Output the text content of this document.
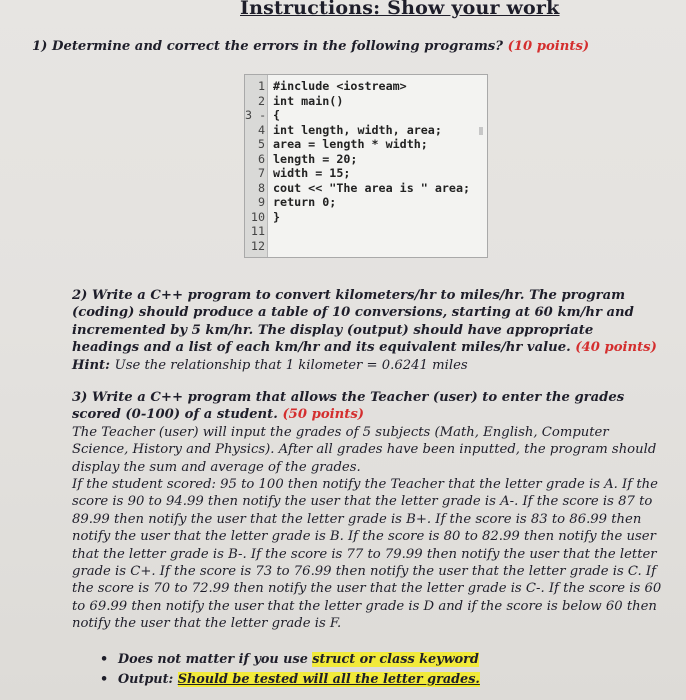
Instructions: Show your work
1) Determine and correct the errors in the following programs? (10 points)
1 #include <iostream>
2 int main()
3 - {
4 int length, width, area;
5 area = length * width;
6 length = 20;
7 width = 15;
8 cout << "The area is " area;
9 return 0;
10 }
11
12
2) Write a C++ program to convert kilometers/hr to miles/hr. The program (coding) should produce a table of 10 conversions, starting at 60 km/hr and incremented by 5 km/hr. The display (output) should have appropriate headings and a list of each km/hr and its equivalent miles/hr value. (40 points)
Hint: Use the relationship that 1 kilometer = 0.6241 miles
3) Write a C++ program that allows the Teacher (user) to enter the grades scored (0-100) of a student. (50 points)
The Teacher (user) will input the grades of 5 subjects (Math, English, Computer Science, History and Physics). After all grades have been inputted, the program should display the sum and average of the grades.
If the student scored: 95 to 100 then notify the Teacher that the letter grade is A. If the score is 90 to 94.99 then notify the user that the letter grade is A-. If the score is 87 to 89.99 then notify the user that the letter grade is B+. If the score is 83 to 86.99 then notify the user that the letter grade is B. If the score is 80 to 82.99 then notify the user that the letter grade is B-. If the score is 77 to 79.99 then notify the user that the letter grade is C+. If the score is 73 to 76.99 then notify the user that the letter grade is C. If the score is 70 to 72.99 then notify the user that the letter grade is C-. If the score is 60 to 69.99 then notify the user that the letter grade is D and if the score is below 60 then notify the user that the letter grade is F.
• Does not matter if you use struct or class keyword
• Output: Should be tested will all the letter grades.
